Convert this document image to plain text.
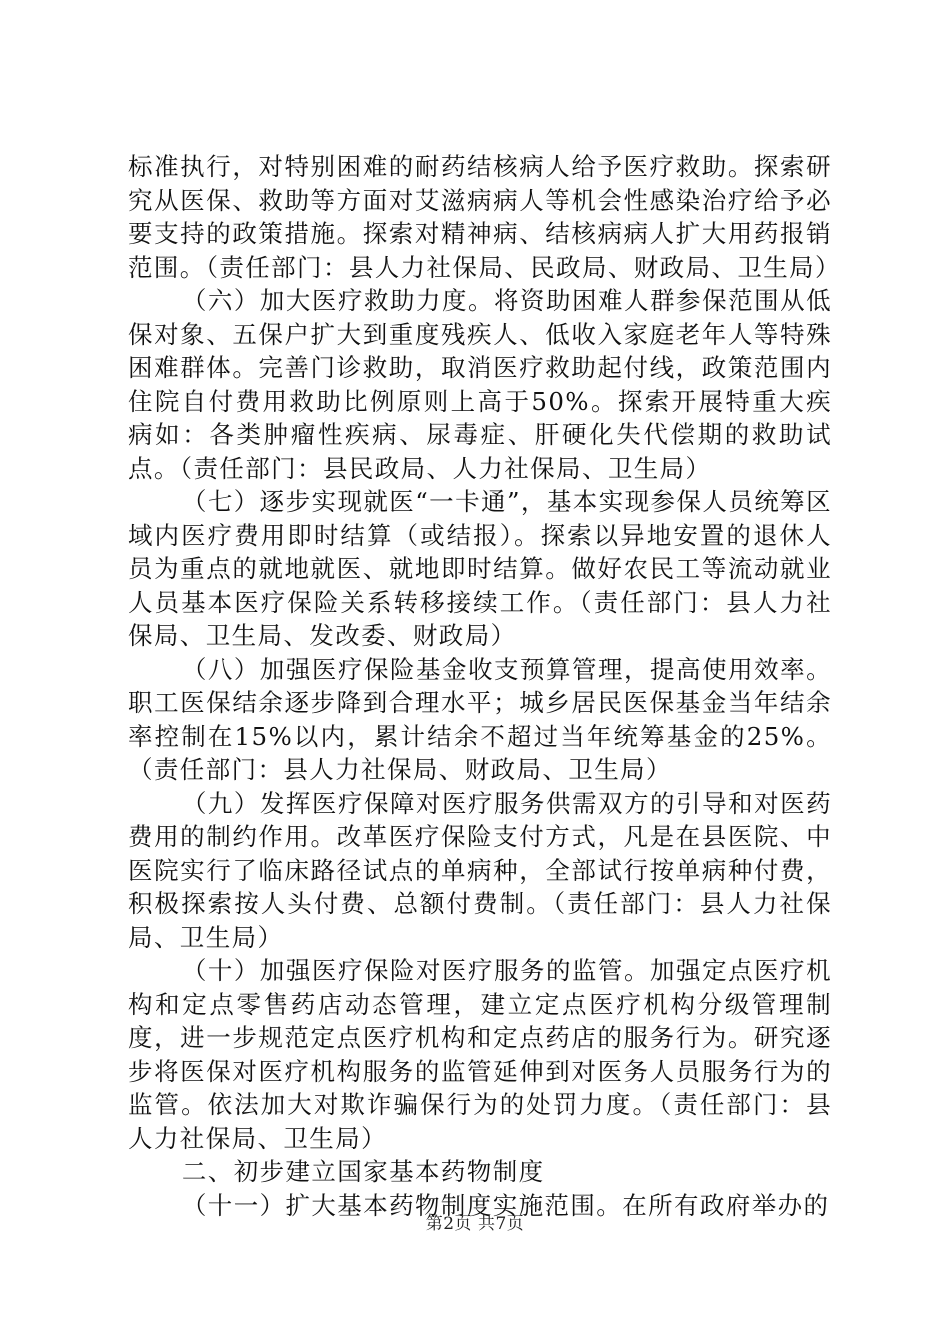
标准执行，对特别困难的耐药结核病人给予医疗救助。探索研究从医保、救助等方面对艾滋病病人等机会性感染治疗给予必要支持的政策措施。探索对精神病、结核病病人扩大用药报销范围。（责任部门：县人力社保局、民政局、财政局、卫生局）

（六）加大医疗救助力度。将资助困难人群参保范围从低保对象、五保户扩大到重度残疾人、低收入家庭老年人等特殊困难群体。完善门诊救助，取消医疗救助起付线，政策范围内住院自付费用救助比例原则上高于50%。探索开展特重大疾病如：各类肿瘤性疾病、尿毒症、肝硬化失代偿期的救助试点。（责任部门：县民政局、人力社保局、卫生局）

（七）逐步实现就医“一卡通”，基本实现参保人员统筹区域内医疗费用即时结算（或结报）。探索以异地安置的退休人员为重点的就地就医、就地即时结算。做好农民工等流动就业人员基本医疗保险关系转移接续工作。（责任部门：县人力社保局、卫生局、发改委、财政局）

（八）加强医疗保险基金收支预算管理，提高使用效率。职工医保结余逐步降到合理水平；城乡居民医保基金当年结余率控制在15%以内，累计结余不超过当年统筹基金的25%。（责任部门：县人力社保局、财政局、卫生局）

（九）发挥医疗保障对医疗服务供需双方的引导和对医药费用的制约作用。改革医疗保险支付方式，凡是在县医院、中医院实行了临床路径试点的单病种，全部试行按单病种付费，积极探索按人头付费、总额付费制。（责任部门：县人力社保局、卫生局）

（十）加强医疗保险对医疗服务的监管。加强定点医疗机构和定点零售药店动态管理，建立定点医疗机构分级管理制度，进一步规范定点医疗机构和定点药店的服务行为。研究逐步将医保对医疗机构服务的监管延伸到对医务人员服务行为的监管。依法加大对欺诈骗保行为的处罚力度。（责任部门：县人力社保局、卫生局）

二、初步建立国家基本药物制度

（十一）扩大基本药物制度实施范围。在所有政府举办的

第2页 共7页
